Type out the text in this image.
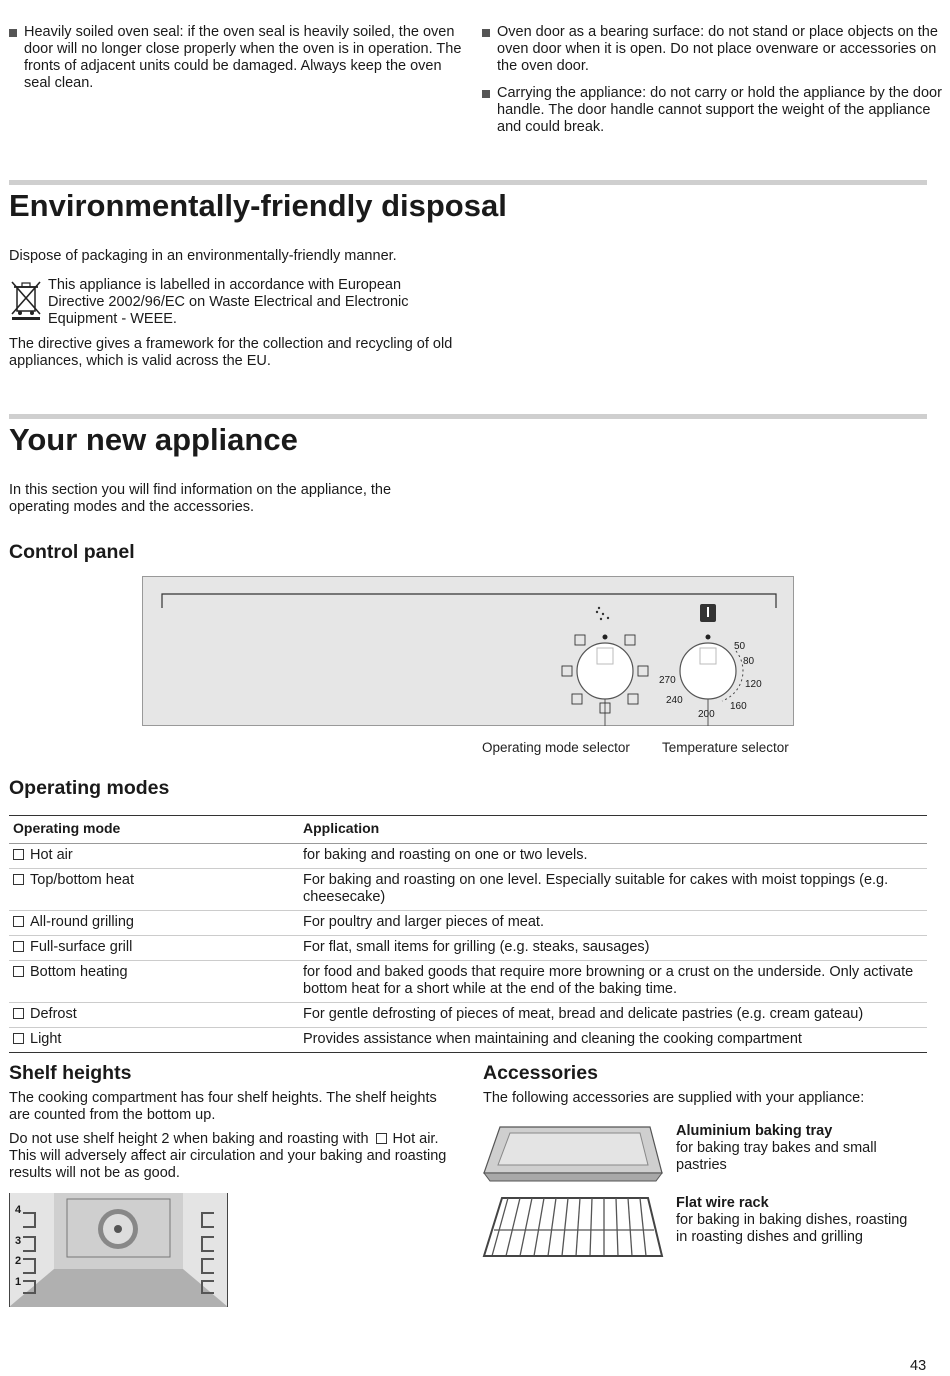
Heavily soiled oven seal: if the oven seal is heavily soiled, the oven door will no longer close properly when the oven is in operation. The fronts of adjacent units could be damaged. Always keep the oven seal clean.

Oven door as a bearing surface: do not stand or place objects on the oven door when it is open. Do not place ovenware or accessories on the oven door.

Carrying the appliance: do not carry or hold the appliance by the door handle. The door handle cannot support the weight of the appliance and could break.

Environmentally-friendly disposal

Dispose of packaging in an environmentally-friendly manner.

This appliance is labelled in accordance with European Directive 2002/96/EC on Waste Electrical and Electronic Equipment - WEEE.

The directive gives a framework for the collection and recycling of old appliances, which is valid across the EU.

Your new appliance

In this section you will find information on the appliance, the operating modes and the accessories.

Control panel
50
80
120
160
200
240
270
Operating mode selector Temperature selector
Operating modes
Operating mode	Application
Hot air	for baking and roasting on one or two levels.
Top/bottom heat	For baking and roasting on one level. Especially suitable for cakes with moist toppings (e.g. cheesecake)
All-round grilling	For poultry and larger pieces of meat.
Full-surface grill	For flat, small items for grilling (e.g. steaks, sausages)
Bottom heating	for food and baked goods that require more browning or a crust on the underside. Only activate bottom heat for a short while at the end of the baking time.
Defrost	For gentle defrosting of pieces of meat, bread and delicate pastries (e.g. cream gateau)
Light	Provides assistance when maintaining and cleaning the cooking compartment
Shelf heights

The cooking compartment has four shelf heights. The shelf heights are counted from the bottom up.

Do not use shelf height 2 when baking and roasting with Hot air. This will adversely affect air circulation and your baking and roasting results will not be as good.

4
3
2
1
Accessories

The following accessories are supplied with your appliance:

Aluminium baking tray

for baking tray bakes and small pastries

Flat wire rack

for baking in baking dishes, roasting in roasting dishes and grilling

43
